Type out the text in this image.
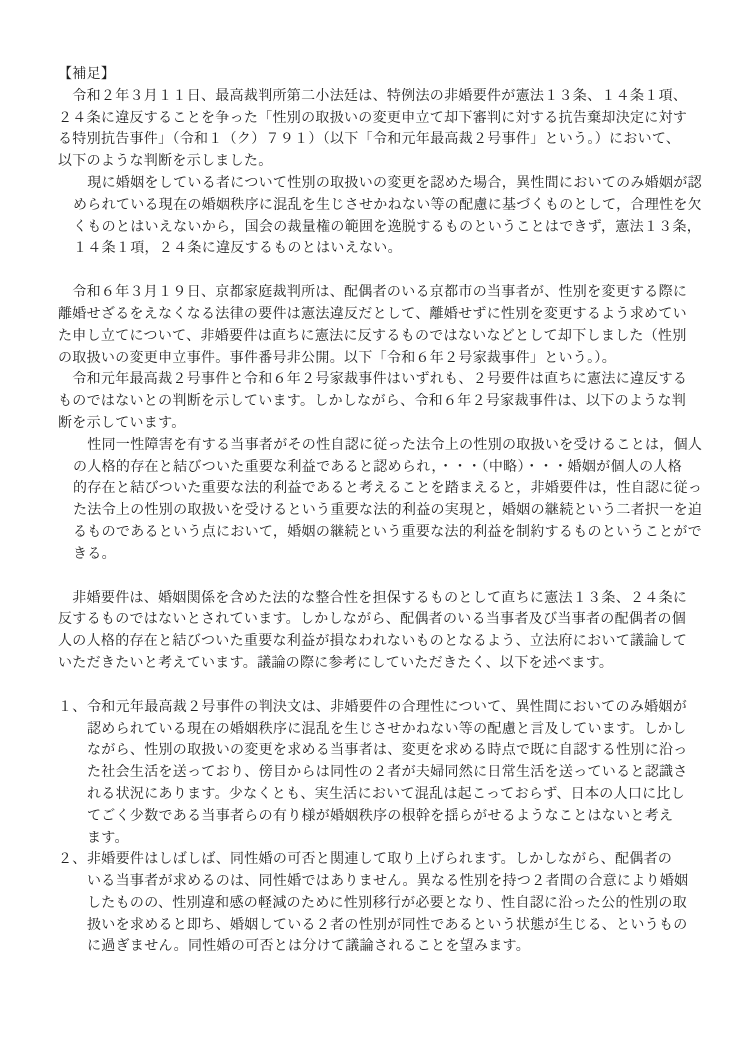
【補足】
　令和２年３月１１日、最高裁判所第二小法廷は、特例法の非婚要件が憲法１３条、１４条１項、
２４条に違反することを争った「性別の取扱いの変更申立て却下審判に対する抗告棄却決定に対す
る特別抗告事件」（令和１（ク）７９１）（以下「令和元年最高裁２号事件」という。）において、
以下のような判断を示しました。
　現に婚姻をしている者について性別の取扱いの変更を認めた場合，異性間においてのみ婚姻が認
められている現在の婚姻秩序に混乱を生じさせかねない等の配慮に基づくものとして，合理性を欠
くものとはいえないから，国会の裁量権の範囲を逸脱するものということはできず，憲法１３条，
１４条１項，２４条に違反するものとはいえない。
　令和６年３月１９日、京都家庭裁判所は、配偶者のいる京都市の当事者が、性別を変更する際に
離婚せざるをえなくなる法律の要件は憲法違反だとして、離婚せずに性別を変更するよう求めてい
た申し立てについて、非婚要件は直ちに憲法に反するものではないなどとして却下しました（性別
の取扱いの変更申立事件。事件番号非公開。以下「令和６年２号家裁事件」という。）。
　令和元年最高裁２号事件と令和６年２号家裁事件はいずれも、２号要件は直ちに憲法に違反する
ものではないとの判断を示しています。しかしながら、令和６年２号家裁事件は、以下のような判
断を示しています。
　性同一性障害を有する当事者がその性自認に従った法令上の性別の取扱いを受けることは，個人
の人格的存在と結びついた重要な利益であると認められ，・・・（中略）・・・婚姻が個人の人格
的存在と結びついた重要な法的利益であると考えることを踏まえると，非婚要件は，性自認に従っ
た法令上の性別の取扱いを受けるという重要な法的利益の実現と，婚姻の継続という二者択一を迫
るものであるという点において，婚姻の継続という重要な法的利益を制約するものということがで
きる。
　非婚要件は、婚姻関係を含めた法的な整合性を担保するものとして直ちに憲法１３条、２４条に
反するものではないとされています。しかしながら、配偶者のいる当事者及び当事者の配偶者の個
人の人格的存在と結びついた重要な利益が損なわれないものとなるよう、立法府において議論して
いただきたいと考えています。議論の際に参考にしていただきたく、以下を述べます。
１、 令和元年最高裁２号事件の判決文は、非婚要件の合理性について、異性間においてのみ婚姻が
認められている現在の婚姻秩序に混乱を生じさせかねない等の配慮と言及しています。しかし
ながら、性別の取扱いの変更を求める当事者は、変更を求める時点で既に自認する性別に沿っ
た社会生活を送っており、傍目からは同性の２者が夫婦同然に日常生活を送っていると認識さ
れる状況にあります。少なくとも、実生活において混乱は起こっておらず、日本の人口に比し
てごく少数である当事者らの有り様が婚姻秩序の根幹を揺らがせるようなことはないと考え
ます。
２、 非婚要件はしばしば、同性婚の可否と関連して取り上げられます。しかしながら、配偶者の
いる当事者が求めるのは、同性婚ではありません。異なる性別を持つ２者間の合意により婚姻
したものの、性別違和感の軽減のために性別移行が必要となり、性自認に沿った公的性別の取
扱いを求めると即ち、婚姻している２者の性別が同性であるという状態が生じる、というもの
に過ぎません。同性婚の可否とは分けて議論されることを望みます。
